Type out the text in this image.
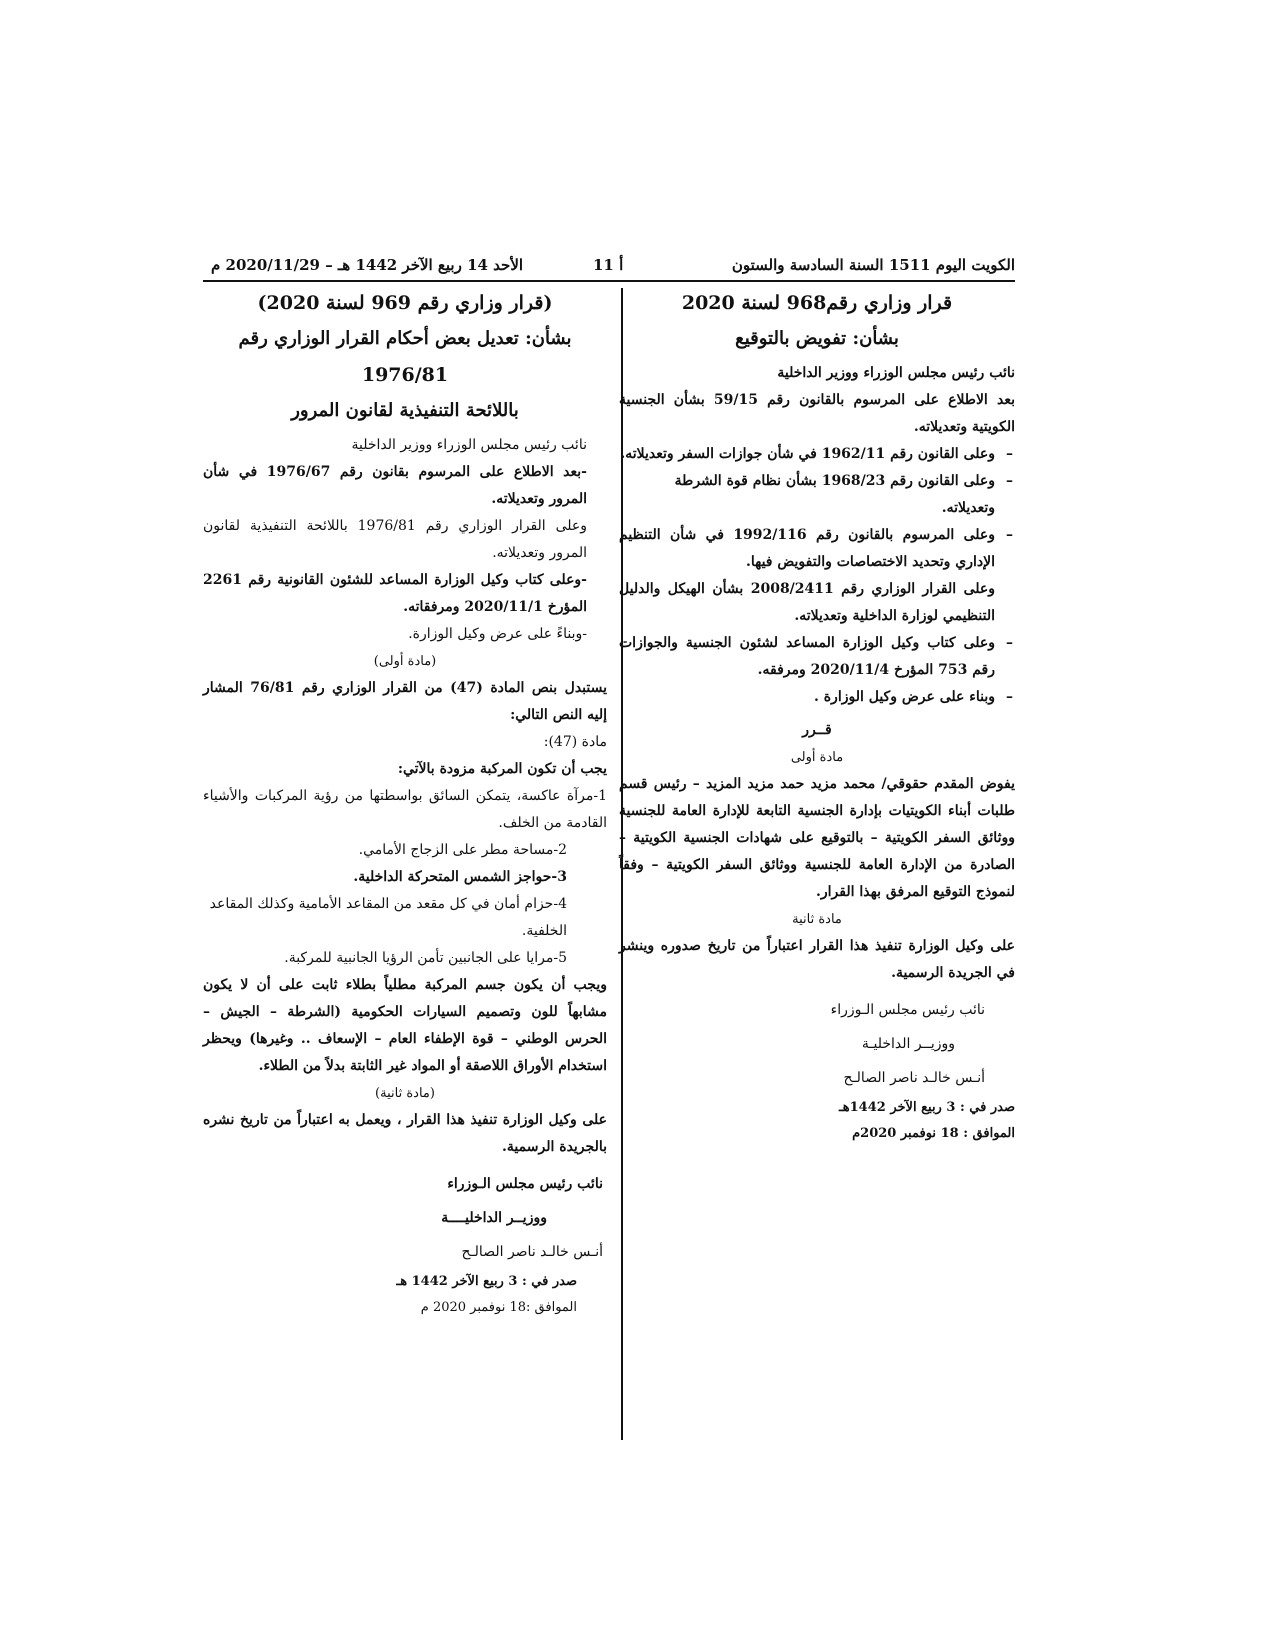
الكويت اليوم 1511 السنة السادسة والستون
أ 11
الأحد 14 ربيع الآخر 1442 هـ – 2020/11/29 م

قرار وزاري رقم968 لسنة 2020

بشأن: تفويض بالتوقيع

نائب رئيس مجلس الوزراء ووزير الداخلية

بعد الاطلاع على المرسوم بالقانون رقم 59/15 بشأن الجنسية الكويتية وتعديلاته.

– وعلى القانون رقم 1962/11 في شأن جوازات السفر وتعديلاته.

– وعلى القانون رقم 1968/23 بشأن نظام قوة الشرطة وتعديلاته.

– وعلى المرسوم بالقانون رقم 1992/116 في شأن التنظيم الإداري وتحديد الاختصاصات والتفويض فيها.

وعلى القرار الوزاري رقم 2008/2411 بشأن الهيكل والدليل التنظيمي لوزارة الداخلية وتعديلاته.

– وعلى كتاب وكيل الوزارة المساعد لشئون الجنسية والجوازات رقم 753 المؤرخ 2020/11/4 ومرفقه.

– وبناء على عرض وكيل الوزارة .

قــرر

مادة أولى

يفوض المقدم حقوقي/ محمد مزيد حمد مزيد المزيد – رئيس قسم طلبات أبناء الكويتيات بإدارة الجنسية التابعة للإدارة العامة للجنسية ووثائق السفر الكويتية – بالتوقيع على شهادات الجنسية الكويتية – الصادرة من الإدارة العامة للجنسية ووثائق السفر الكويتية – وفقاً لنموذج التوقيع المرفق بهذا القرار.

مادة ثانية

على وكيل الوزارة تنفيذ هذا القرار اعتباراً من تاريخ صدوره وينشر في الجريدة الرسمية.

نائب رئيس مجلس الـوزراء

ووزيــر الداخليـة

أنـس خالـد ناصر الصالـح

صدر في : 3 ربيع الآخر 1442هـ

الموافق : 18 نوفمبر 2020م

(قرار وزاري رقم 969 لسنة 2020)

بشأن: تعديل بعض أحكام القرار الوزاري رقم

1976/81

باللائحة التنفيذية لقانون المرور

نائب رئيس مجلس الوزراء ووزير الداخلية

-بعد الاطلاع على المرسوم بقانون رقم 1976/67 في شأن المرور وتعديلاته.

وعلى القرار الوزاري رقم 1976/81 باللائحة التنفيذية لقانون المرور وتعديلاته.

-وعلى كتاب وكيل الوزارة المساعد للشئون القانونية رقم 2261 المؤرخ 2020/11/1 ومرفقاته.

-وبناءً على عرض وكيل الوزارة.

(مادة أولى)

يستبدل بنص المادة (47) من القرار الوزاري رقم 76/81 المشار إليه النص التالي:

مادة (47):

يجب أن تكون المركبة مزودة بالآتي:

1-مرآة عاكسة، يتمكن السائق بواسطتها من رؤية المركبات والأشياء القادمة من الخلف.

2-مساحة مطر على الزجاج الأمامي.

3-حواجز الشمس المتحركة الداخلية.

4-حزام أمان في كل مقعد من المقاعد الأمامية وكذلك المقاعد الخلفية.

5-مرايا على الجانبين تأمن الرؤيا الجانبية للمركبة.

ويجب أن يكون جسم المركبة مطلياً بطلاء ثابت على أن لا يكون مشابهاً للون وتصميم السيارات الحكومية (الشرطة – الجيش – الحرس الوطني – قوة الإطفاء العام – الإسعاف .. وغيرها) ويحظر استخدام الأوراق اللاصقة أو المواد غير الثابتة بدلاً من الطلاء.

(مادة ثانية)

على وكيل الوزارة تنفيذ هذا القرار ، ويعمل به اعتباراً من تاريخ نشره بالجريدة الرسمية.

نائب رئيس مجلس الـوزراء

ووزيــر الداخليــــة

أنـس خالـد ناصر الصالـح

صدر في : 3 ربيع الآخر 1442 هـ

الموافق :18 نوفمبر 2020 م
